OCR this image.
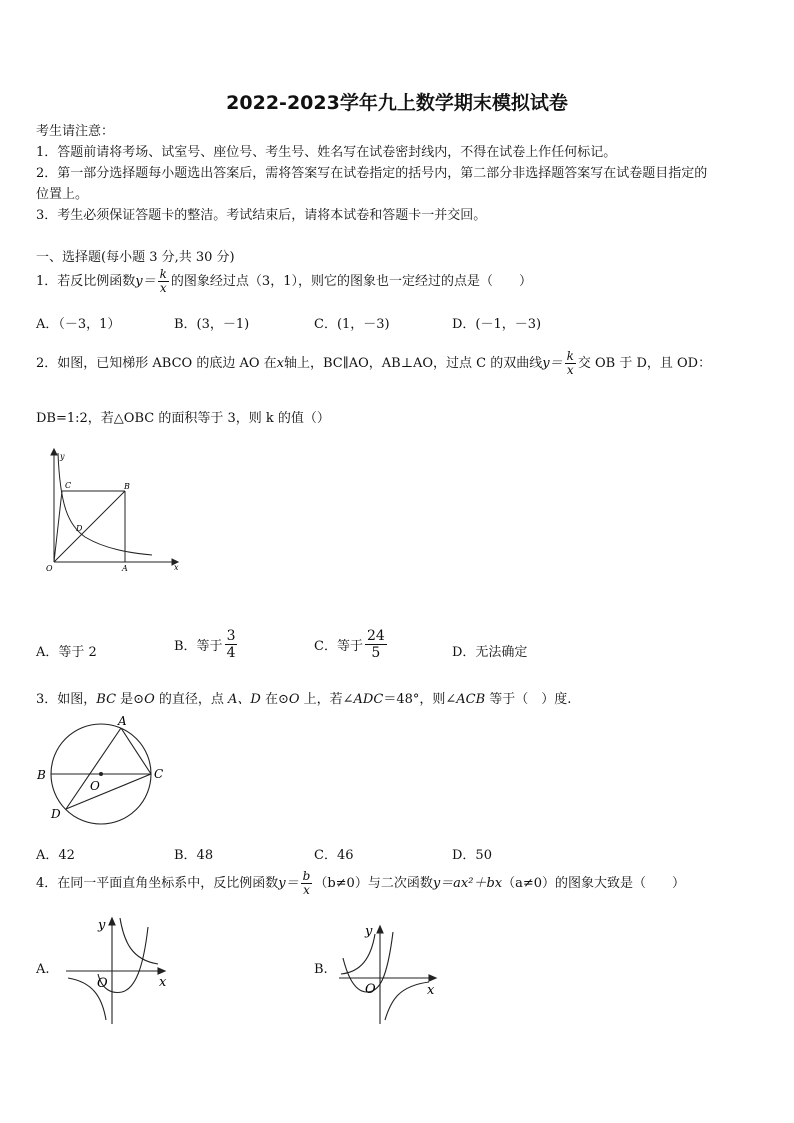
2022-2023学年九上数学期末模拟试卷
考生请注意：
1．答题前请将考场、试室号、座位号、考生号、姓名写在试卷密封线内，不得在试卷上作任何标记。
2．第一部分选择题每小题选出答案后，需将答案写在试卷指定的括号内，第二部分非选择题答案写在试卷题目指定的
位置上。
3．考生必须保证答题卡的整洁。考试结束后，请将本试卷和答题卡一并交回。
一、选择题(每小题 3 分,共 30 分)
1．若反比例函数$y= \frac{k}{x}$ 的图象经过点（3，1），则它的图象也一定经过的点是（　　）
A．（－3，1）	B．(3，－1)	C．(1，－3)	D．(－1，－3)
2．如图，已知梯形 ABCO 的底边 AO 在x轴上，BC∥AO，AB⊥AO，过点 C 的双曲线$y= \frac{k}{x}$ 交 OB 于 D，且 OD：
DB=1:2，若△OBC 的面积等于 3，则 k 的值（）
y
x
O	A
B
C
D
A．等于 2	B．等于 $\frac{3}{4}$	C．等于 $\frac{24}{5}$	D．无法确定
3．如图，BC 是⊙O 的直径，点 A、D 在⊙O 上，若∠ADC＝48°，则∠ACB 等于（　）度.
A
B	C
D
O
A．42	B．48	C．46	D．50
4．在同一平面直角坐标系中，反比例函数$y= \frac{b}{x} (b\ne 0)$与二次函数y＝ax²＋bx（a≠0）的图象大致是（　　）
A.
y
x
O
B.
y
x
O
